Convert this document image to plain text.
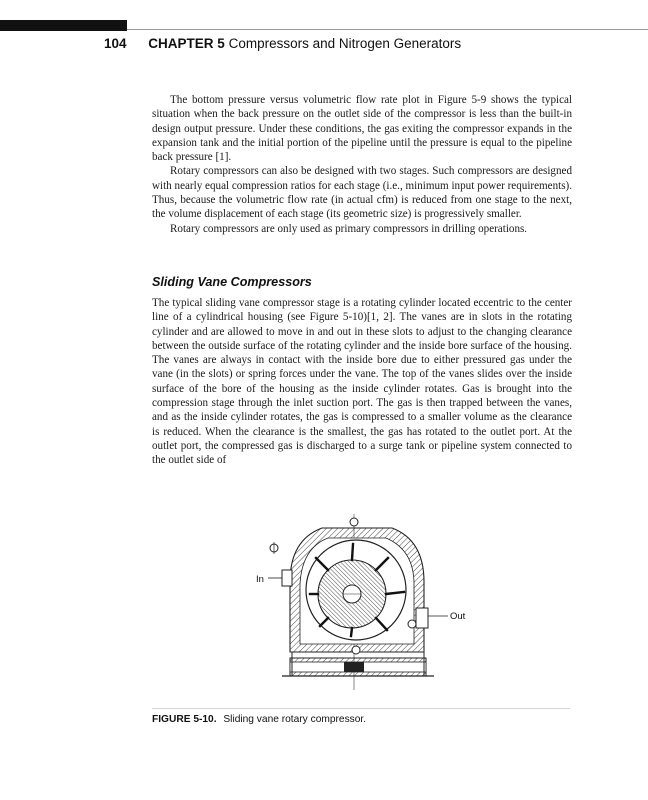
104 CHAPTER 5 Compressors and Nitrogen Generators

The bottom pressure versus volumetric flow rate plot in Figure 5-9 shows the typical situation when the back pressure on the outlet side of the compressor is less than the built-in design output pressure. Under these conditions, the gas exiting the compressor expands in the expansion tank and the initial portion of the pipeline until the pressure is equal to the pipeline back pressure [1].

Rotary compressors can also be designed with two stages. Such compressors are designed with nearly equal compression ratios for each stage (i.e., minimum input power requirements). Thus, because the volumetric flow rate (in actual cfm) is reduced from one stage to the next, the volume displacement of each stage (its geometric size) is progressively smaller.

Rotary compressors are only used as primary compressors in drilling operations.

Sliding Vane Compressors

The typical sliding vane compressor stage is a rotating cylinder located eccentric to the center line of a cylindrical housing (see Figure 5-10)[1, 2]. The vanes are in slots in the rotating cylinder and are allowed to move in and out in these slots to adjust to the changing clearance between the outside surface of the rotating cylinder and the inside bore surface of the housing. The vanes are always in contact with the inside bore due to either pressured gas under the vane (in the slots) or spring forces under the vane. The top of the vanes slides over the inside surface of the bore of the housing as the inside cylinder rotates. Gas is brought into the compression stage through the inlet suction port. The gas is then trapped between the vanes, and as the inside cylinder rotates, the gas is compressed to a smaller volume as the clearance is reduced. When the clearance is the smallest, the gas has rotated to the outlet port. At the outlet port, the compressed gas is discharged to a surge tank or pipeline system connected to the outlet side of

In
Out
FIGURE 5-10. Sliding vane rotary compressor.
